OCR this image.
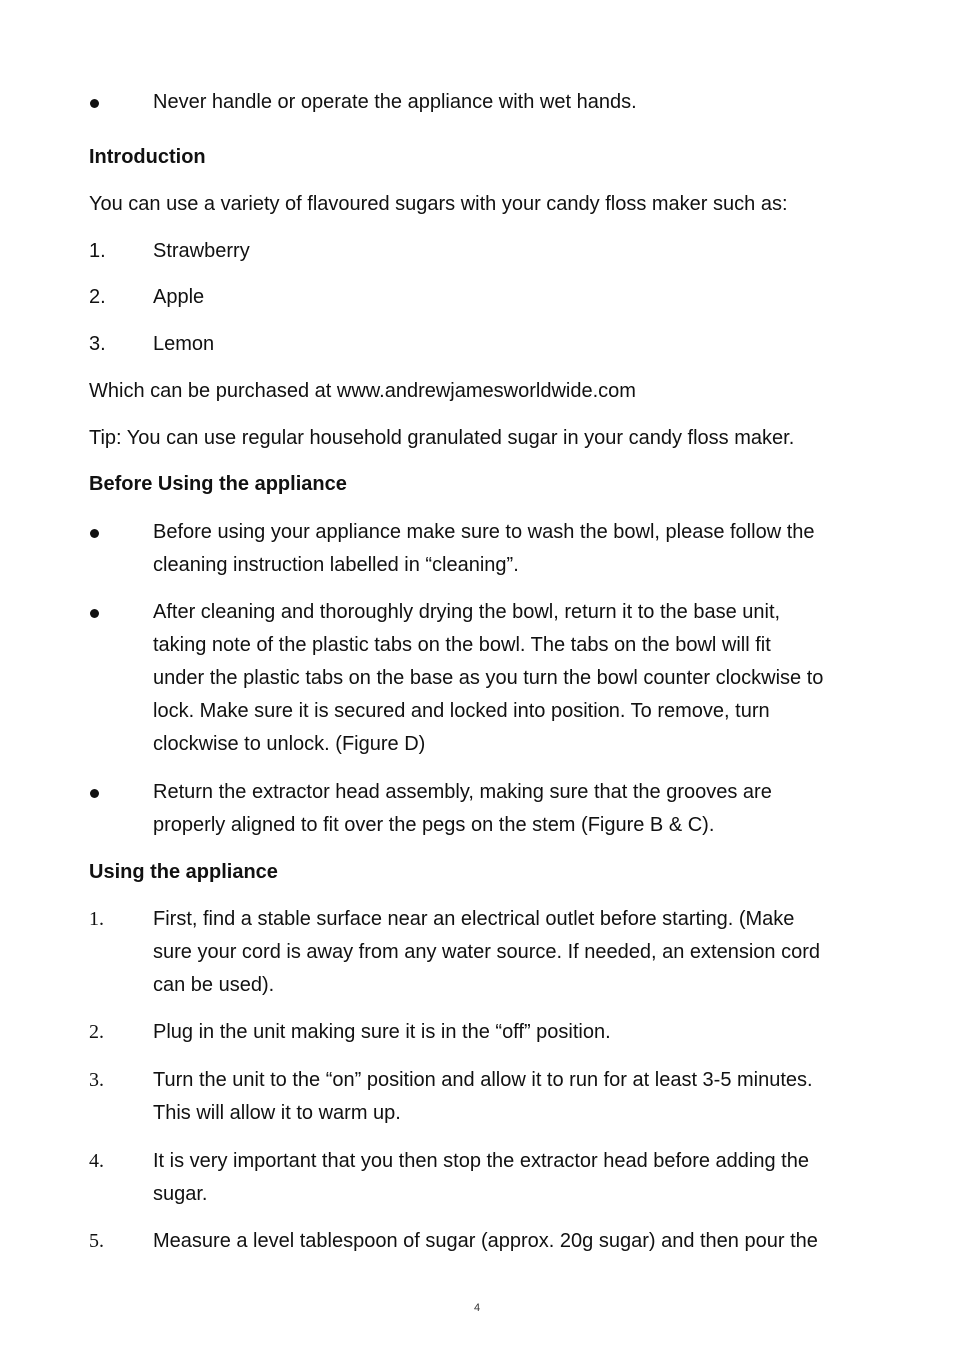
Never handle or operate the appliance with wet hands.
Introduction
You can use a variety of flavoured sugars with your candy floss maker such as:
1. Strawberry
2. Apple
3. Lemon
Which can be purchased at www.andrewjamesworldwide.com
Tip: You can use regular household granulated sugar in your candy floss maker.
Before Using the appliance
Before using your appliance make sure to wash the bowl, please follow the
cleaning instruction labelled in “cleaning”.
After cleaning and thoroughly drying the bowl, return it to the base unit,
taking note of the plastic tabs on the bowl. The tabs on the bowl will fit
under the plastic tabs on the base as you turn the bowl counter clockwise to
lock. Make sure it is secured and locked into position. To remove, turn
clockwise to unlock. (Figure D)
Return the extractor head assembly, making sure that the grooves are
properly aligned to fit over the pegs on the stem (Figure B & C).
Using the appliance
1. First, find a stable surface near an electrical outlet before starting. (Make
sure your cord is away from any water source. If needed, an extension cord
can be used).
2. Plug in the unit making sure it is in the “off” position.
3. Turn the unit to the “on” position and allow it to run for at least 3-5 minutes.
This will allow it to warm up.
4. It is very important that you then stop the extractor head before adding the
sugar.
5. Measure a level tablespoon of sugar (approx. 20g sugar) and then pour the
4
